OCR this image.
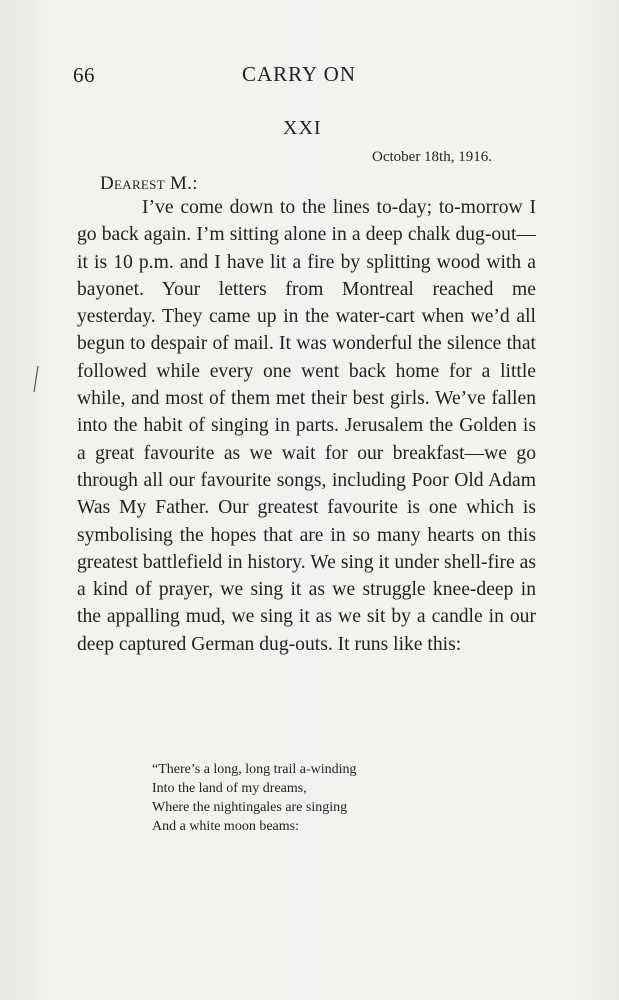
66	CARRY ON
XXI
October 18th, 1916.
Dearest M.:

I’ve come down to the lines to-day; to-morrow I go back again. I’m sitting alone in a deep chalk dug-out—it is 10 p.m. and I have lit a fire by splitting wood with a bayonet. Your letters from Montreal reached me yesterday. They came up in the water-cart when we’d all begun to despair of mail. It was wonderful the silence that followed while every one went back home for a little while, and most of them met their best girls. We’ve fallen into the habit of singing in parts. Jerusalem the Golden is a great favourite as we wait for our breakfast—we go through all our favourite songs, including Poor Old Adam Was My Father. Our greatest favourite is one which is symbolising the hopes that are in so many hearts on this greatest battlefield in history. We sing it under shell-fire as a kind of prayer, we sing it as we struggle knee-deep in the appalling mud, we sing it as we sit by a candle in our deep captured German dug-outs. It runs like this:

“There’s a long, long trail a-winding
Into the land of my dreams,
Where the nightingales are singing
And a white moon beams:
